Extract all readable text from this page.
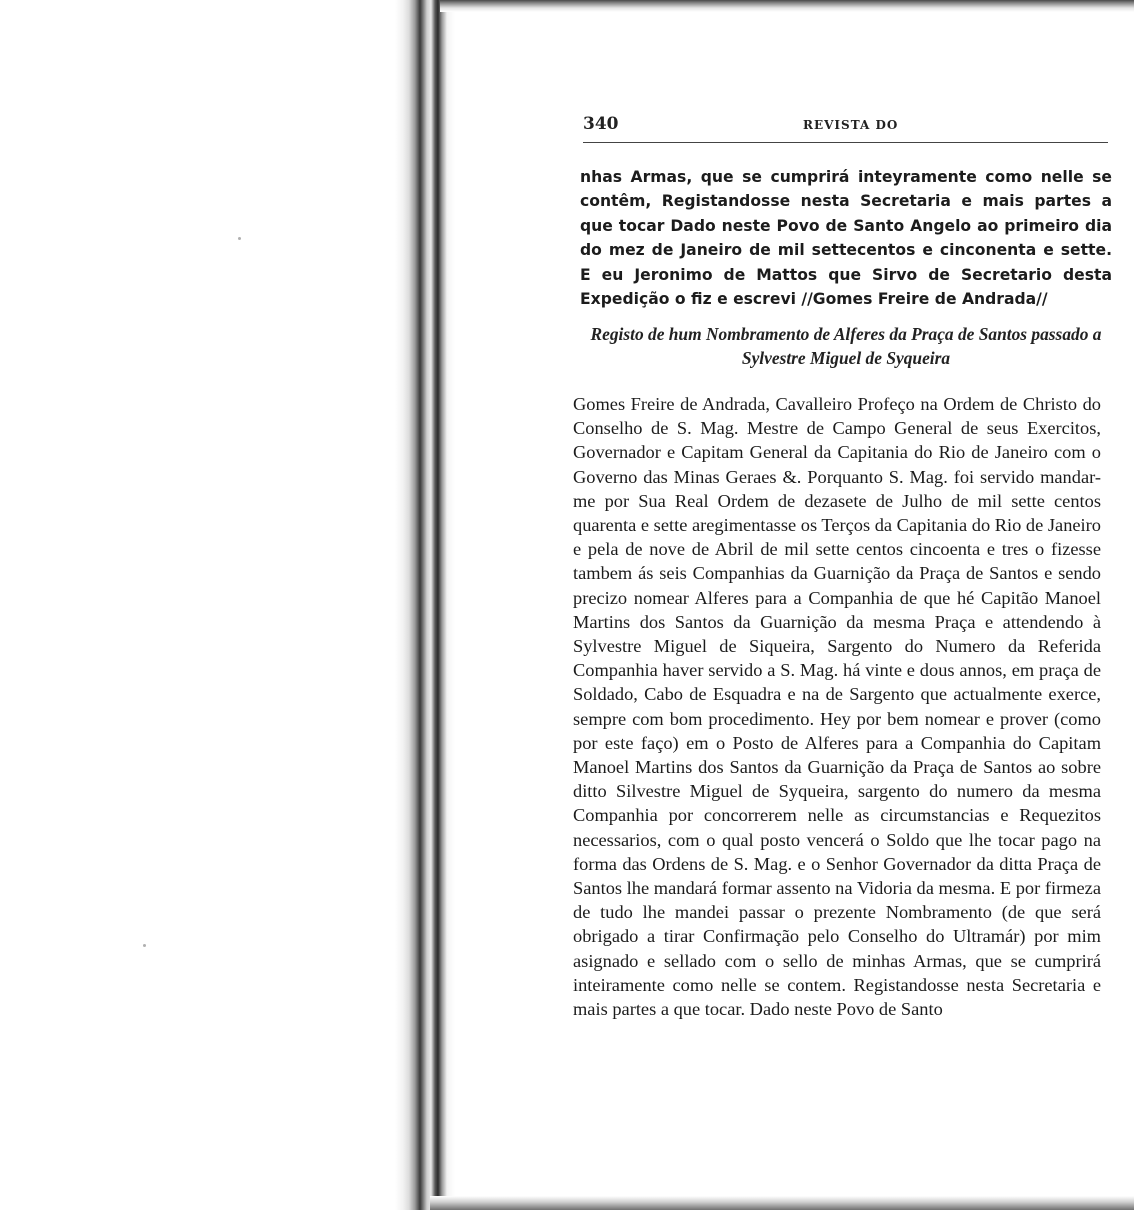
340	REVISTA DO

nhas Armas, que se cumprirá inteyramente como nelle se contêm, Registandosse nesta Secretaria e mais partes a que tocar Dado neste Povo de Santo Angelo ao primeiro dia do mez de Janeiro de mil settecentos e cinconenta e sette. E eu Jeronimo de Mattos que Sirvo de Secretario desta Expedição o fiz e escrevi //Gomes Freire de Andrada//

Registo de hum Nombramento de Alferes da Praça de Santos passado a Sylvestre Miguel de Syqueira

Gomes Freire de Andrada, Cavalleiro Profeço na Ordem de Christo do Conselho de S. Mag. Mestre de Campo General de seus Exercitos, Governador e Capitam General da Capitania do Rio de Janeiro com o Governo das Minas Geraes &. Porquanto S. Mag. foi servido mandar-me por Sua Real Ordem de dezasete de Julho de mil sette centos quarenta e sette aregimentasse os Terços da Capitania do Rio de Janeiro e pela de nove de Abril de mil sette centos cincoenta e tres o fizesse tambem ás seis Companhias da Guarnição da Praça de Santos e sendo precizo nomear Alferes para a Companhia de que hé Capitão Manoel Martins dos Santos da Guarnição da mesma Praça e attendendo à Sylvestre Miguel de Siqueira, Sargento do Numero da Referida Companhia haver servido a S. Mag. há vinte e dous annos, em praça de Soldado, Cabo de Esquadra e na de Sargento que actualmente exerce, sempre com bom procedimento. Hey por bem nomear e prover (como por este faço) em o Posto de Alferes para a Companhia do Capitam Manoel Martins dos Santos da Guarnição da Praça de Santos ao sobre ditto Silvestre Miguel de Syqueira, sargento do numero da mesma Companhia por concorrerem nelle as circumstancias e Requezitos necessarios, com o qual posto vencerá o Soldo que lhe tocar pago na forma das Ordens de S. Mag. e o Senhor Governador da ditta Praça de Santos lhe mandará formar assento na Vidoria da mesma. E por firmeza de tudo lhe mandei passar o prezente Nombramento (de que será obrigado a tirar Confirmação pelo Conselho do Ultramár) por mim asignado e sellado com o sello de minhas Armas, que se cumprirá inteiramente como nelle se contem. Registandosse nesta Secretaria e mais partes a que tocar. Dado neste Povo de Santo
